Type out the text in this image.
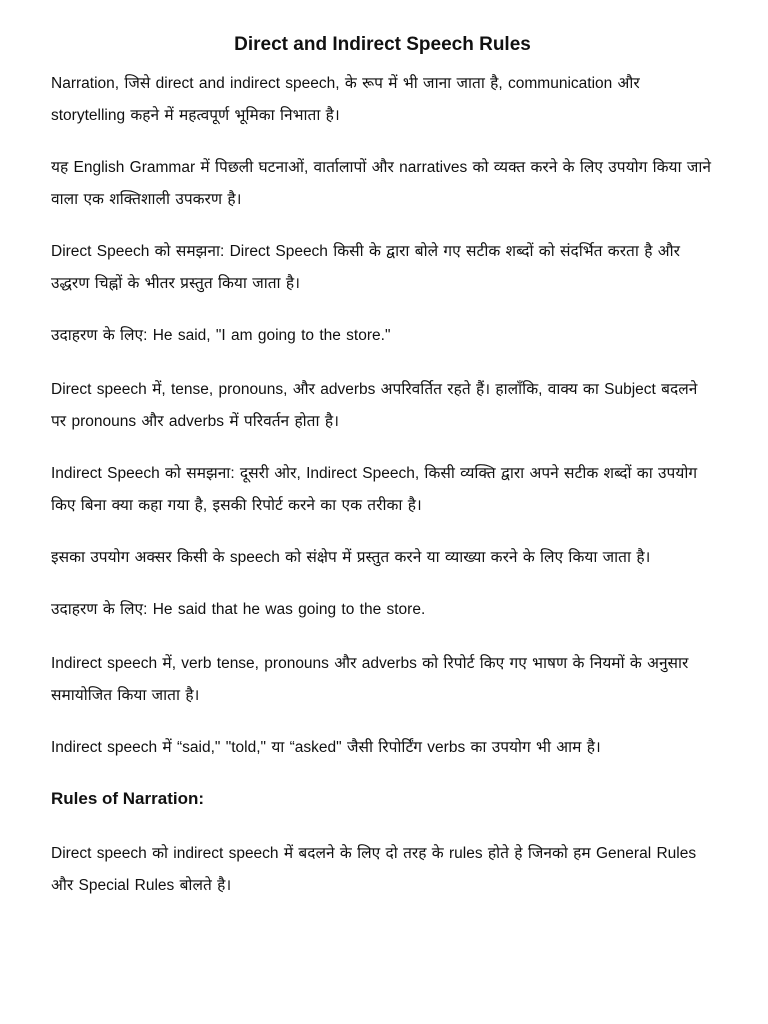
Direct and Indirect Speech Rules

Narration, जिसे direct and indirect speech, के रूप में भी जाना जाता है, communication और storytelling कहने में महत्वपूर्ण भूमिका निभाता है।

यह English Grammar में पिछली घटनाओं, वार्तालापों और narratives को व्यक्त करने के लिए उपयोग किया जाने वाला एक शक्तिशाली उपकरण है।

Direct Speech को समझना: Direct Speech किसी के द्वारा बोले गए सटीक शब्दों को संदर्भित करता है और उद्धरण चिह्नों के भीतर प्रस्तुत किया जाता है।

उदाहरण के लिए: He said, "I am going to the store."

Direct speech में, tense, pronouns, और adverbs अपरिवर्तित रहते हैं। हालाँकि, वाक्य का Subject बदलने पर pronouns और adverbs में परिवर्तन होता है।

Indirect Speech को समझना: दूसरी ओर, Indirect Speech, किसी व्यक्ति द्वारा अपने सटीक शब्दों का उपयोग किए बिना क्या कहा गया है, इसकी रिपोर्ट करने का एक तरीका है।

इसका उपयोग अक्सर किसी के speech को संक्षेप में प्रस्तुत करने या व्याख्या करने के लिए किया जाता है।

उदाहरण के लिए: He said that he was going to the store.

Indirect speech में, verb tense, pronouns और adverbs को रिपोर्ट किए गए भाषण के नियमों के अनुसार समायोजित किया जाता है।

Indirect speech में “said," "told," या “asked" जैसी रिपोर्टिंग verbs का उपयोग भी आम है।

Rules of Narration:

Direct speech को indirect speech में बदलने के लिए दो तरह के rules होते हे जिनको हम General Rules और Special Rules बोलते है।
